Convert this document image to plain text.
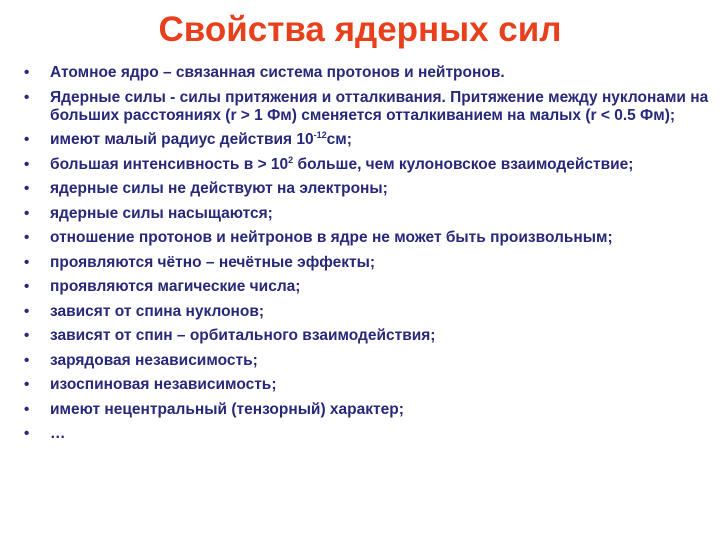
Свойства ядерных сил
• Атомное ядро – связанная система протонов и нейтронов.
• Ядерные силы - силы притяжения и отталкивания. Притяжение между нуклонами на больших расстояниях (r > 1 Фм) сменяется отталкиванием на малых (r < 0.5 Фм);
• имеют малый радиус действия $10^{-12}см$;
• большая интенсивность $в > 10^2$ больше, чем кулоновское взаимодействие;
• ядерные силы не действуют на электроны;
• ядерные силы насыщаются;
• отношение протонов и нейтронов в ядре не может быть произвольным;
• проявляются чётно – нечётные эффекты;
• проявляются магические числа;
• зависят от спина нуклонов;
• зависят от спин – орбитального взаимодействия;
• зарядовая независимость;
• изоспиновая независимость;
• имеют нецентральный (тензорный) характер;
• …
